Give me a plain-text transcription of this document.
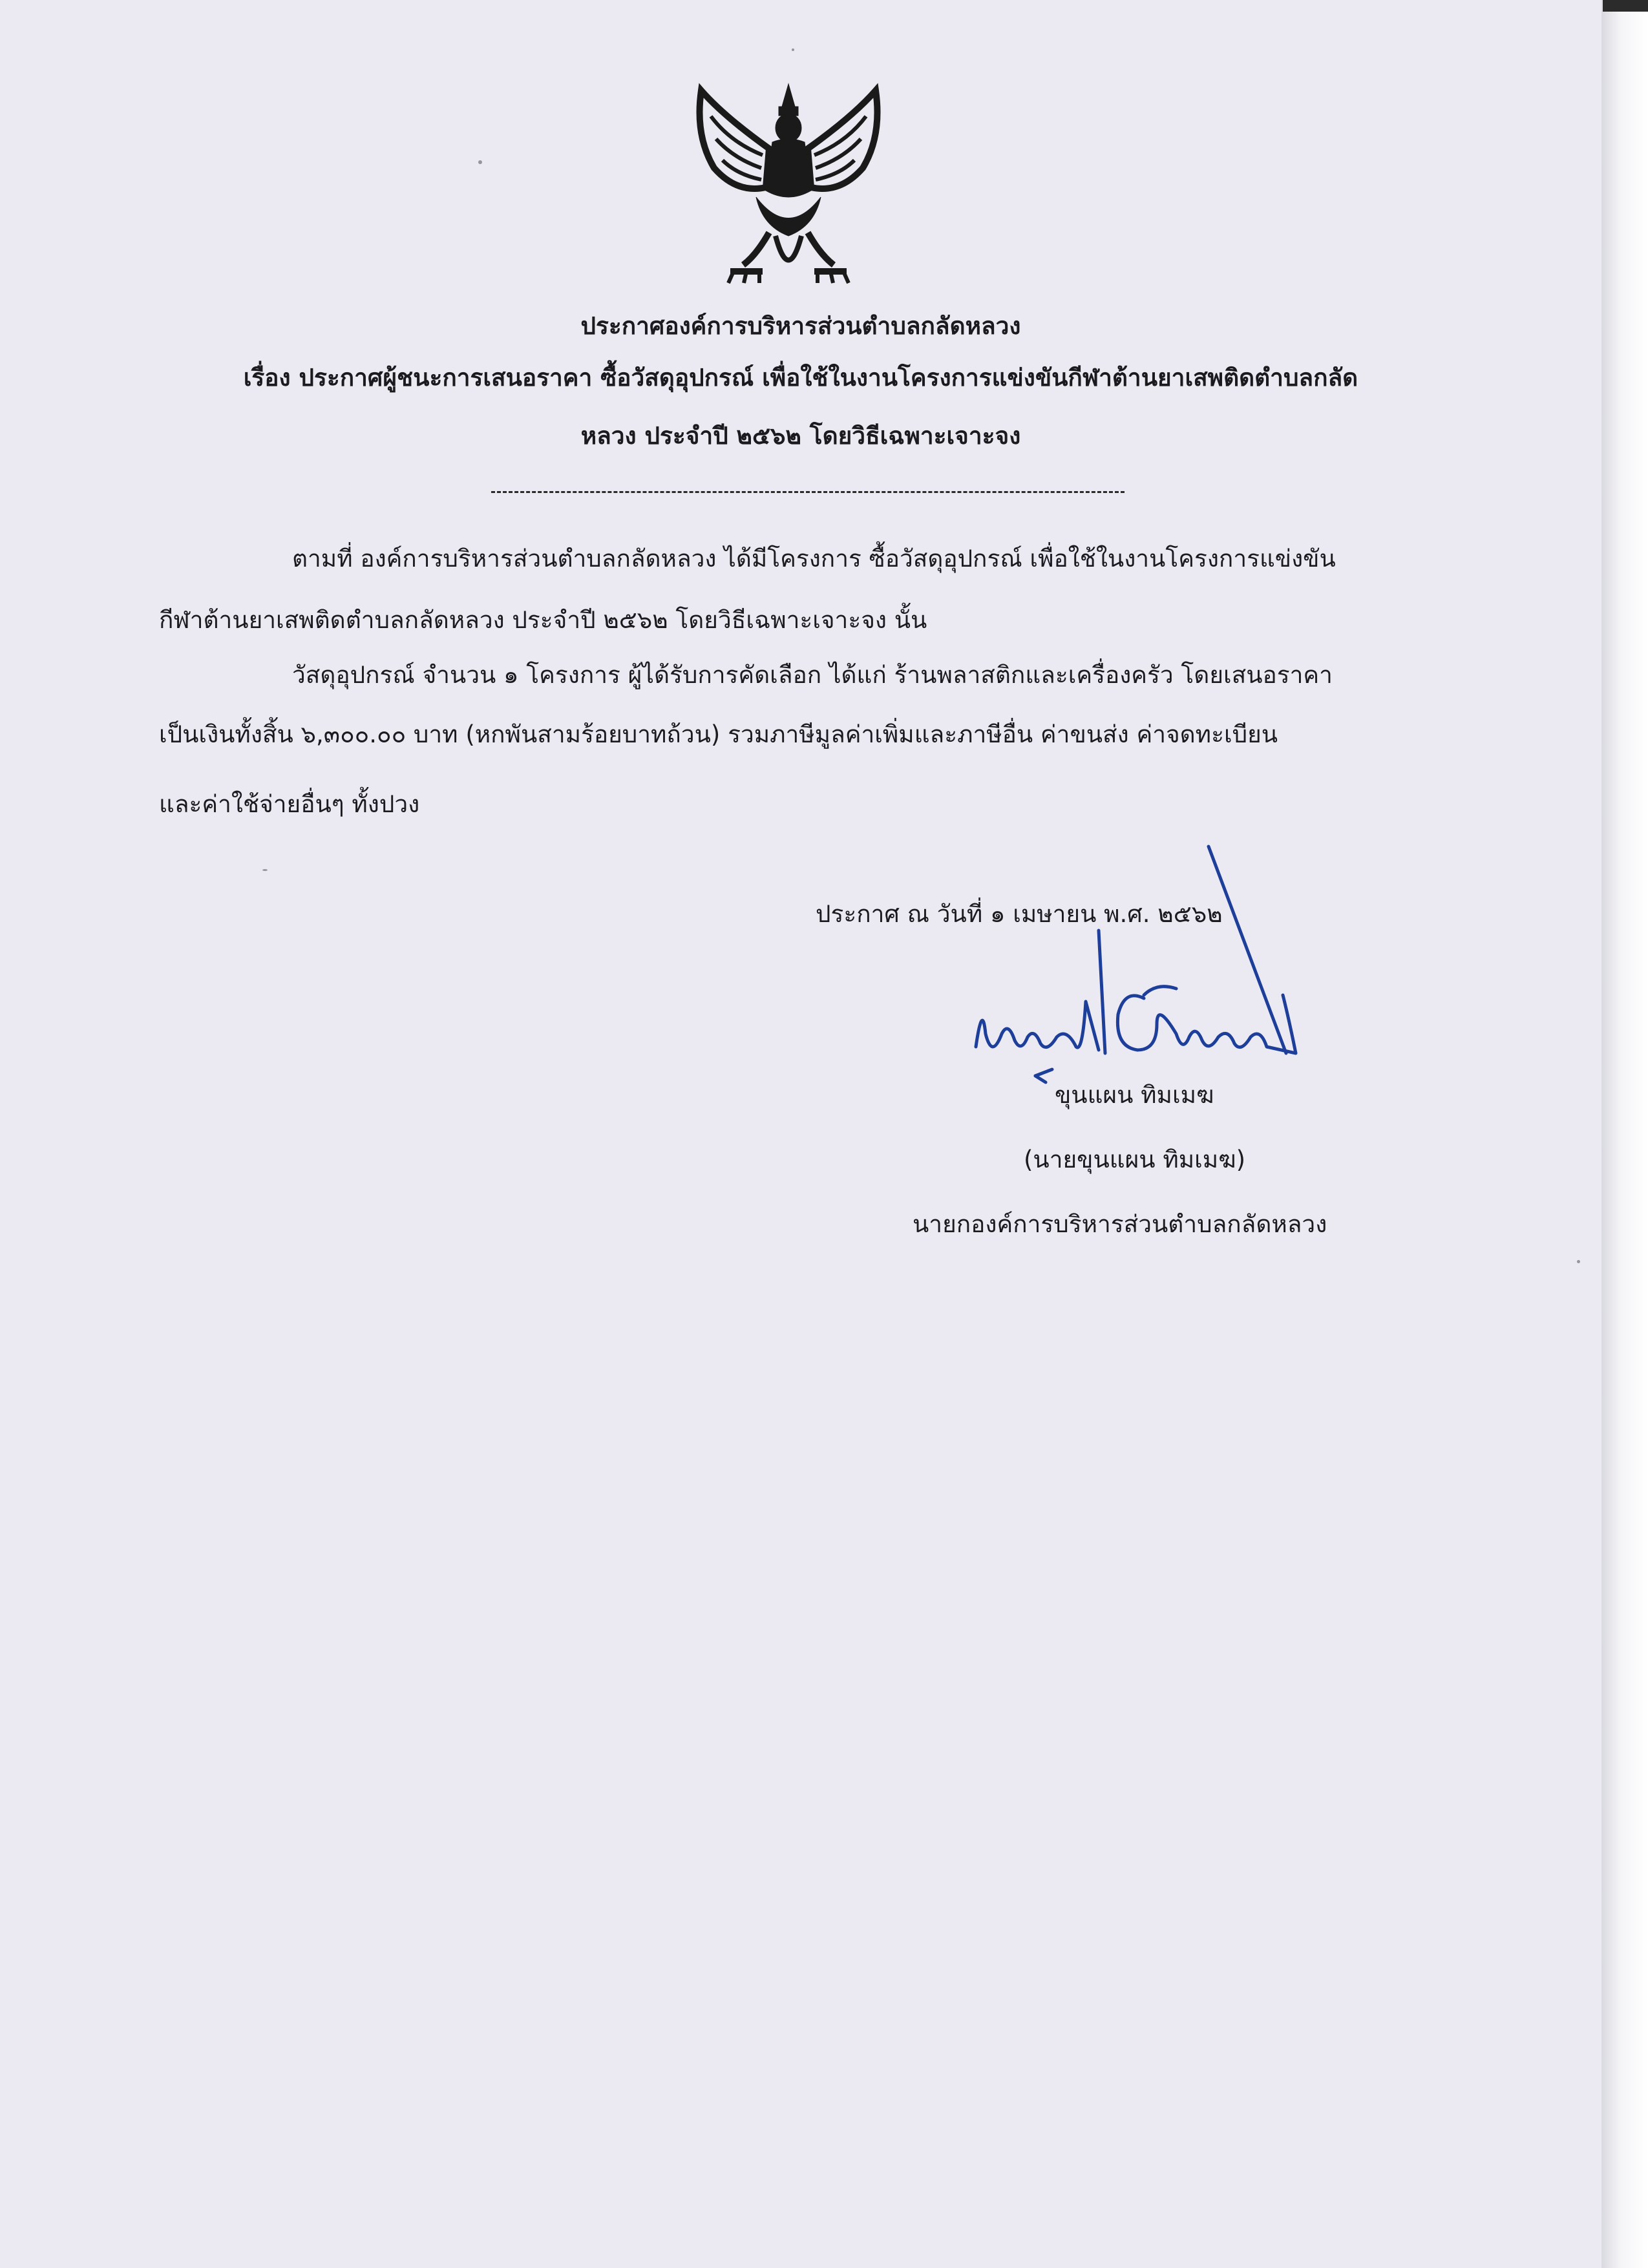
ประกาศองค์การบริหารส่วนตำบลกลัดหลวง
เรื่อง ประกาศผู้ชนะการเสนอราคา ซื้อวัสดุอุปกรณ์ เพื่อใช้ในงานโครงการแข่งขันกีฬาต้านยาเสพติดตำบลกลัด
หลวง ประจำปี ๒๕๖๒ โดยวิธีเฉพาะเจาะจง
ตามที่ องค์การบริหารส่วนตำบลกลัดหลวง ได้มีโครงการ ซื้อวัสดุอุปกรณ์ เพื่อใช้ในงานโครงการแข่งขัน
กีฬาต้านยาเสพติดตำบลกลัดหลวง ประจำปี ๒๕๖๒ โดยวิธีเฉพาะเจาะจง นั้น
วัสดุอุปกรณ์ จำนวน ๑ โครงการ ผู้ได้รับการคัดเลือก ได้แก่ ร้านพลาสติกและเครื่องครัว โดยเสนอราคา
เป็นเงินทั้งสิ้น ๖,๓๐๐.๐๐ บาท (หกพันสามร้อยบาทถ้วน) รวมภาษีมูลค่าเพิ่มและภาษีอื่น ค่าขนส่ง ค่าจดทะเบียน
และค่าใช้จ่ายอื่นๆ ทั้งปวง
ประกาศ ณ วันที่ ๑ เมษายน พ.ศ. ๒๕๖๒
ขุนแผน ทิมเมฆ
(นายขุนแผน ทิมเมฆ)
นายกองค์การบริหารส่วนตำบลกลัดหลวง
